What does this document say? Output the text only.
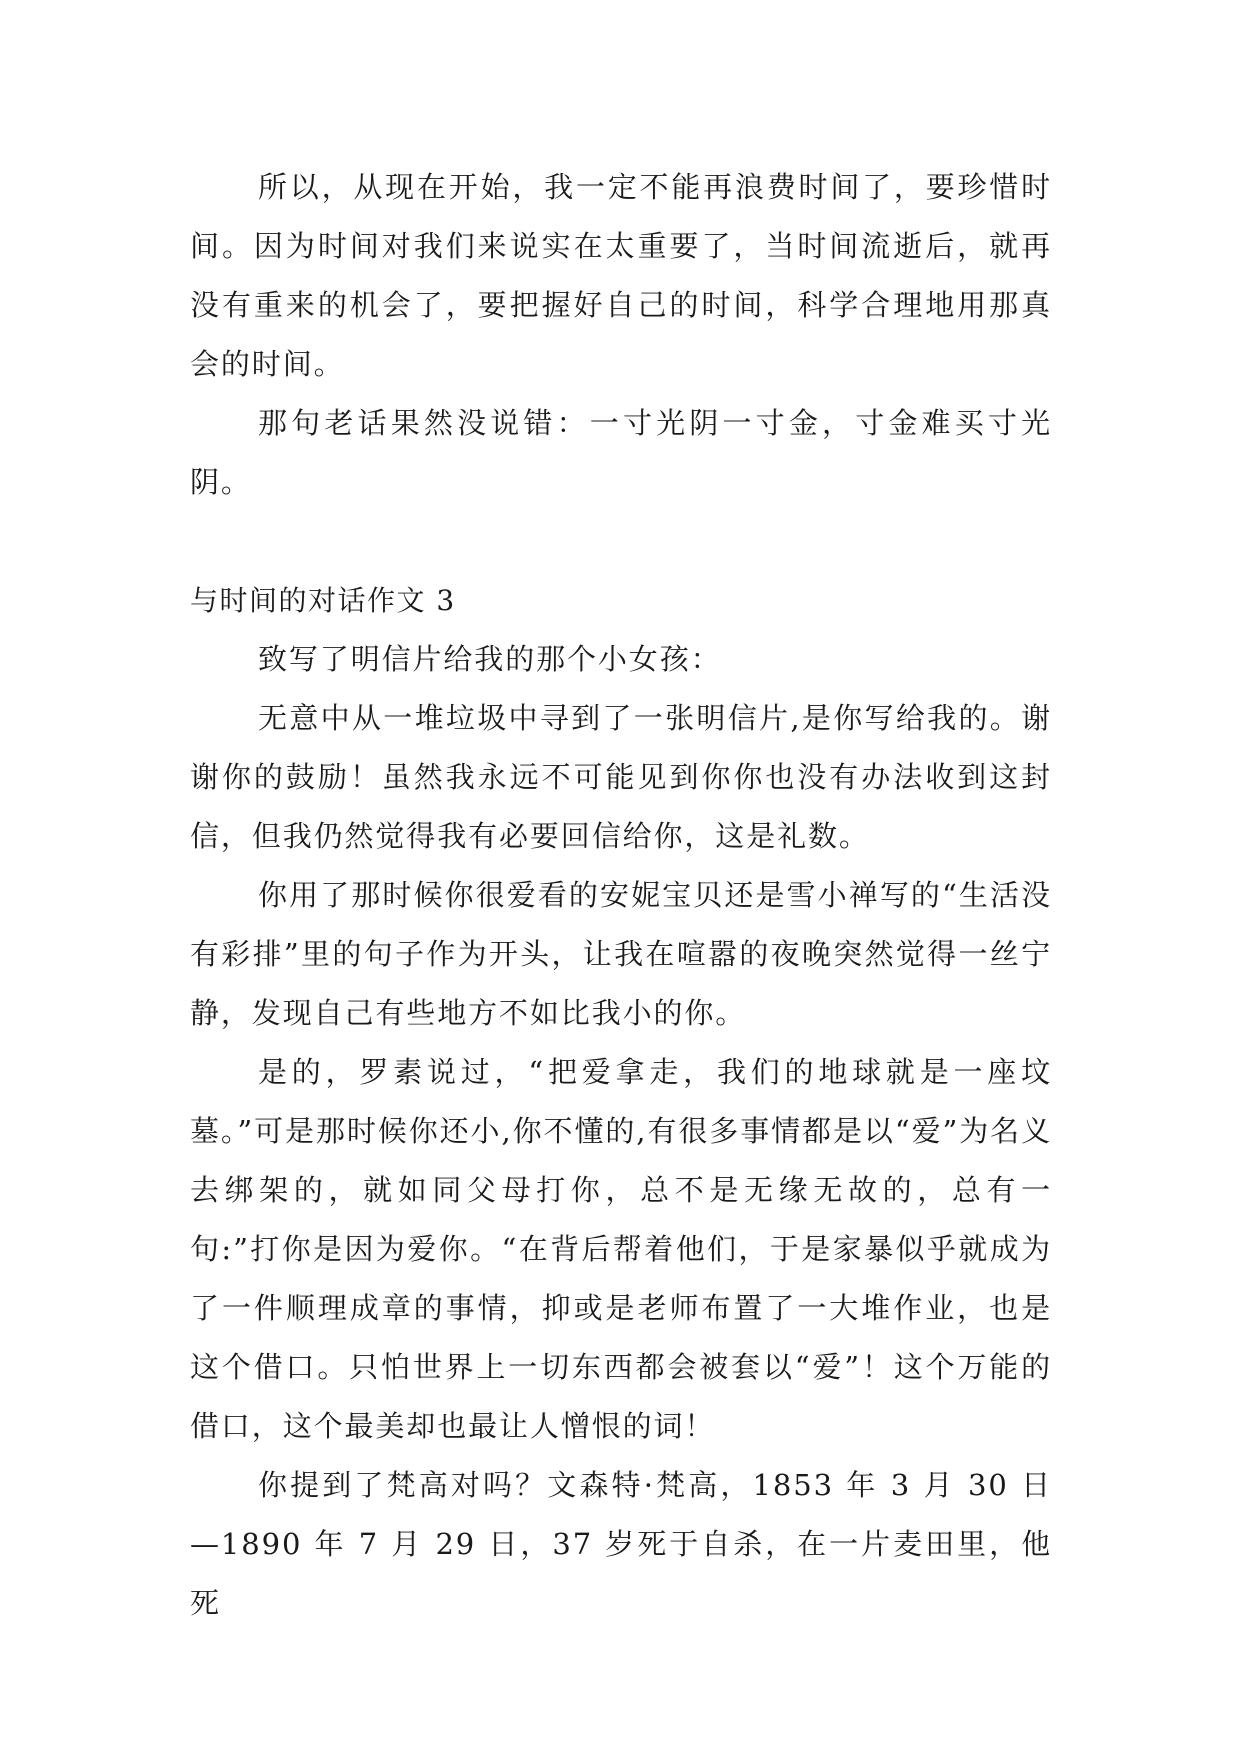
所以，从现在开始，我一定不能再浪费时间了，要珍惜时间。因为时间对我们来说实在太重要了，当时间流逝后，就再没有重来的机会了，要把握好自己的时间，科学合理地用那真会的时间。

那句老话果然没说错：一寸光阴一寸金，寸金难买寸光阴。

与时间的对话作文 3

致写了明信片给我的那个小女孩：

无意中从一堆垃圾中寻到了一张明信片,是你写给我的。谢谢你的鼓励！虽然我永远不可能见到你你也没有办法收到这封信，但我仍然觉得我有必要回信给你，这是礼数。

你用了那时候你很爱看的安妮宝贝还是雪小禅写的“生活没有彩排”里的句子作为开头，让我在喧嚣的夜晚突然觉得一丝宁静，发现自己有些地方不如比我小的你。

是的，罗素说过，“把爱拿走，我们的地球就是一座坟墓。”可是那时候你还小,你不懂的,有很多事情都是以“爱”为名义去绑架的，就如同父母打你，总不是无缘无故的，总有一句:”打你是因为爱你。“在背后帮着他们，于是家暴似乎就成为了一件顺理成章的事情，抑或是老师布置了一大堆作业，也是这个借口。只怕世界上一切东西都会被套以“爱”！这个万能的借口，这个最美却也最让人憎恨的词！

你提到了梵高对吗？文森特·梵高，1853 年 3 月 30 日—1890 年 7 月 29 日，37 岁死于自杀，在一片麦田里，他死
